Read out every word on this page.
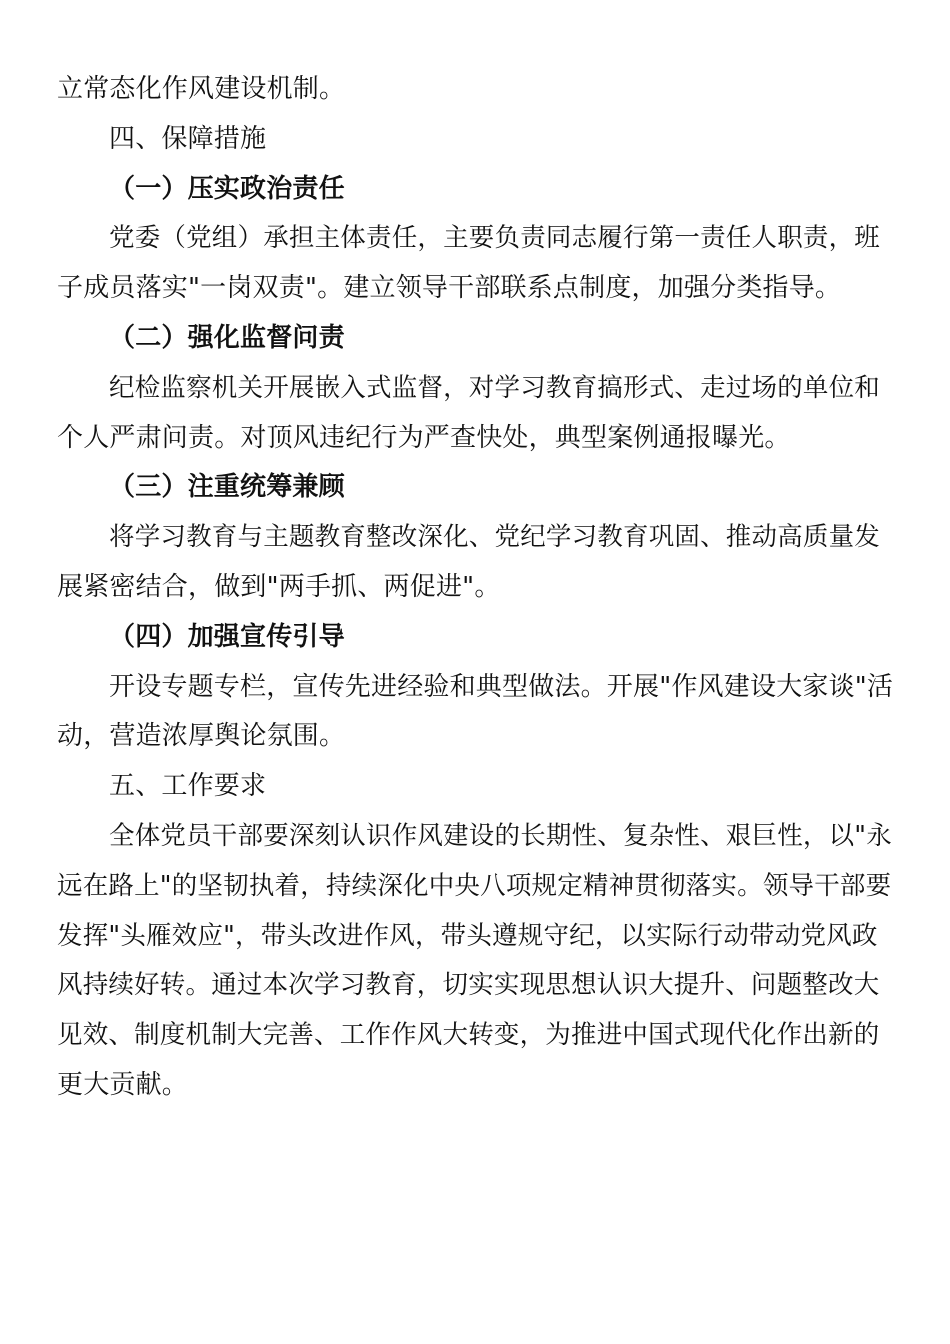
立常态化作风建设机制。
四、保障措施
（一）压实政治责任
党委（党组）承担主体责任，主要负责同志履行第一责任人职责，班
子成员落实"一岗双责"。建立领导干部联系点制度，加强分类指导。
（二）强化监督问责
纪检监察机关开展嵌入式监督，对学习教育搞形式、走过场的单位和
个人严肃问责。对顶风违纪行为严查快处，典型案例通报曝光。
（三）注重统筹兼顾
将学习教育与主题教育整改深化、党纪学习教育巩固、推动高质量发
展紧密结合，做到"两手抓、两促进"。
（四）加强宣传引导
开设专题专栏，宣传先进经验和典型做法。开展"作风建设大家谈"活
动，营造浓厚舆论氛围。
五、工作要求
全体党员干部要深刻认识作风建设的长期性、复杂性、艰巨性，以"永
远在路上"的坚韧执着，持续深化中央八项规定精神贯彻落实。领导干部要
发挥"头雁效应"，带头改进作风，带头遵规守纪，以实际行动带动党风政
风持续好转。通过本次学习教育，切实实现思想认识大提升、问题整改大
见效、制度机制大完善、工作作风大转变，为推进中国式现代化作出新的
更大贡献。
